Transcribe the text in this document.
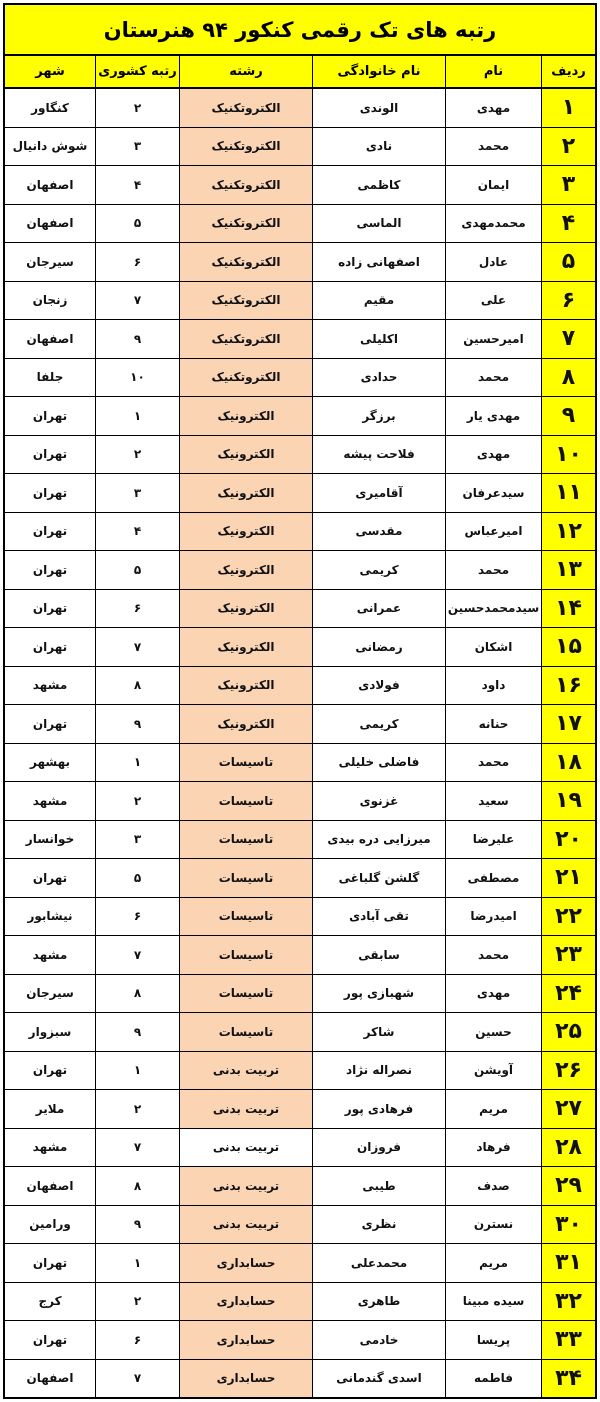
رتبه های تک رقمی کنکور ۹۴ هنرستان
ردیف
نام
نام خانوادگی
رشته
رتبه کشوری
شهر
۱
مهدی
الوندی
الکتروتکنیک
۲
کنگاور
۲
محمد
نادی
الکتروتکنیک
۳
شوش دانیال
۳
ایمان
کاظمی
الکتروتکنیک
۴
اصفهان
۴
محمدمهدی
الماسی
الکتروتکنیک
۵
اصفهان
۵
عادل
اصفهانی زاده
الکتروتکنیک
۶
سیرجان
۶
علی
مقیم
الکتروتکنیک
۷
زنجان
۷
امیرحسین
اکلیلی
الکتروتکنیک
۹
اصفهان
۸
محمد
حدادی
الکتروتکنیک
۱۰
جلفا
۹
مهدی یار
برزگر
الکترونیک
۱
تهران
۱۰
مهدی
فلاحت پیشه
الکترونیک
۲
تهران
۱۱
سیدعرفان
آقامیری
الکترونیک
۳
تهران
۱۲
امیرعباس
مقدسی
الکترونیک
۴
تهران
۱۳
محمد
کریمی
الکترونیک
۵
تهران
۱۴
سیدمحمدحسین
عمرانی
الکترونیک
۶
تهران
۱۵
اشکان
رمضانی
الکترونیک
۷
تهران
۱۶
داود
فولادی
الکترونیک
۸
مشهد
۱۷
حنانه
کریمی
الکترونیک
۹
تهران
۱۸
محمد
فاضلی خلیلی
تاسیسات
۱
بهشهر
۱۹
سعید
غزنوی
تاسیسات
۲
مشهد
۲۰
علیرضا
میرزایی دره بیدی
تاسیسات
۳
خوانسار
۲۱
مصطفی
گلشن گلباغی
تاسیسات
۵
تهران
۲۲
امیدرضا
تقی آبادی
تاسیسات
۶
نیشابور
۲۳
محمد
سابقی
تاسیسات
۷
مشهد
۲۴
مهدی
شهبازی پور
تاسیسات
۸
سیرجان
۲۵
حسین
شاکر
تاسیسات
۹
سبزوار
۲۶
آویشن
نصراله نژاد
تربیت بدنی
۱
تهران
۲۷
مریم
فرهادی پور
تربیت بدنی
۲
ملایر
۲۸
فرهاد
فروزان
تربیت بدنی
۷
مشهد
۲۹
صدف
طیبی
تربیت بدنی
۸
اصفهان
۳۰
نسترن
نظری
تربیت بدنی
۹
ورامین
۳۱
مریم
محمدعلی
حسابداری
۱
تهران
۳۲
سیده مبینا
طاهری
حسابداری
۲
کرج
۳۳
پریسا
خادمی
حسابداری
۶
تهران
۳۴
فاطمه
اسدی گندمانی
حسابداری
۷
اصفهان
